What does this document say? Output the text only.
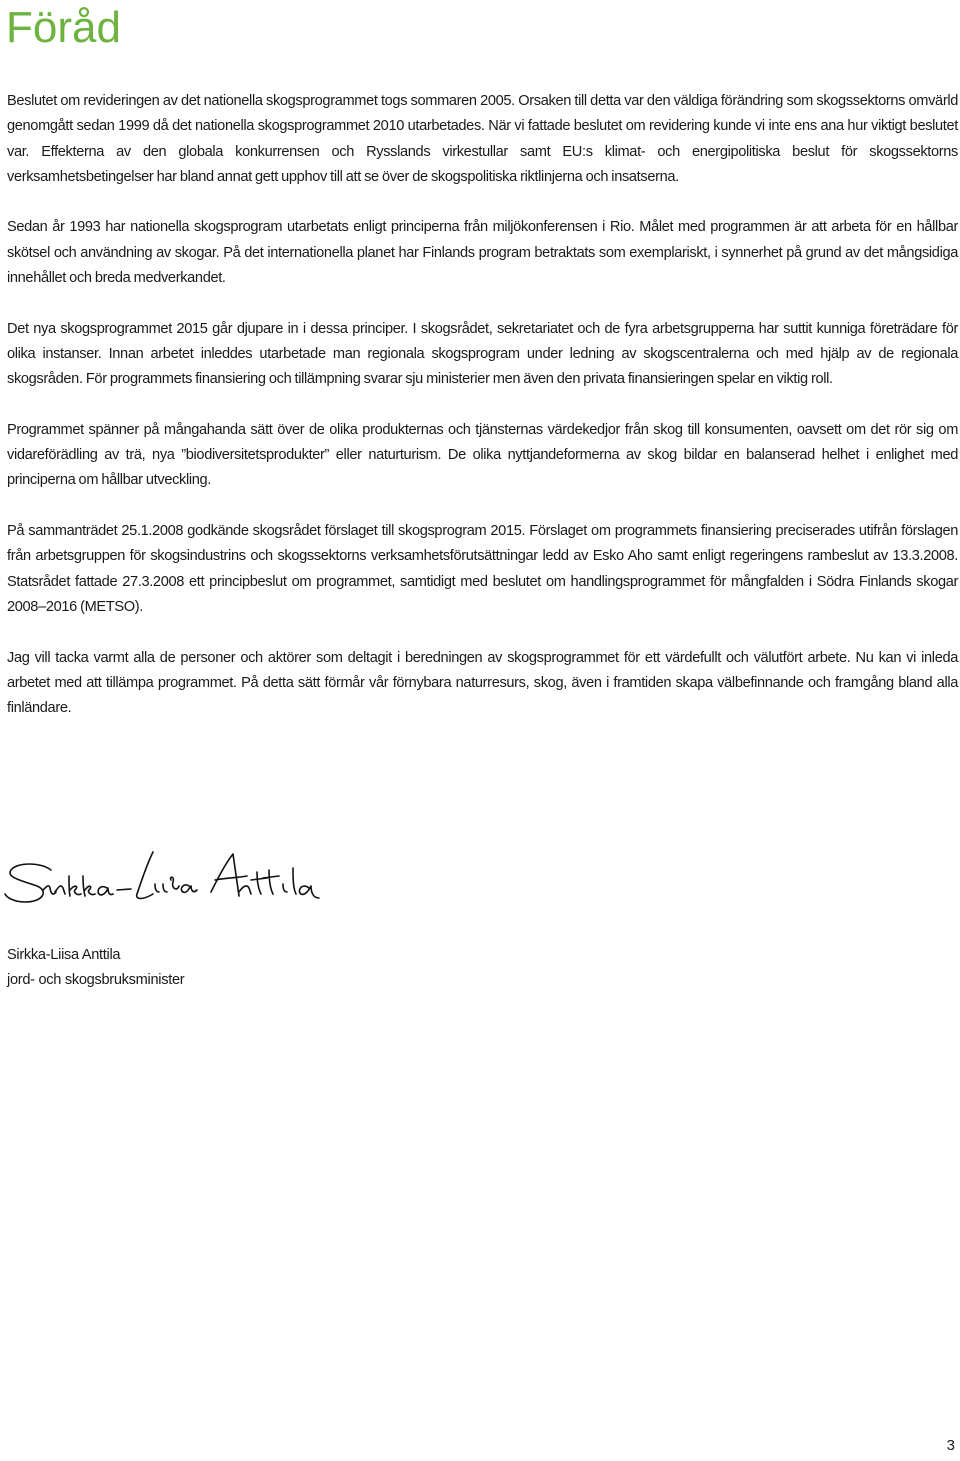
Föråd

Beslutet om revideringen av det nationella skogsprogrammet togs sommaren 2005. Orsaken till detta var den väldiga förändring som skogssektorns omvärld genomgått sedan 1999 då det nationella skogsprogrammet 2010 utarbetades. När vi fattade beslutet om revidering kunde vi inte ens ana hur viktigt beslutet var. Effekterna av den globala konkurrensen och Rysslands virkestullar samt EU:s klimat- och energipolitiska beslut för skogssektorns verksamhetsbetingelser har bland annat gett upphov till att se över de skogspolitiska riktlinjerna och insatserna.

Sedan år 1993 har nationella skogsprogram utarbetats enligt principerna från miljökonferensen i Rio. Målet med programmen är att arbeta för en hållbar skötsel och användning av skogar. På det internationella planet har Finlands program betraktats som exemplariskt, i synnerhet på grund av det mångsidiga innehållet och breda medverkandet.

Det nya skogsprogrammet 2015 går djupare in i dessa principer. I skogsrådet, sekretariatet och de fyra arbetsgrupperna har suttit kunniga företrädare för olika instanser. Innan arbetet inleddes utarbetade man regionala skogsprogram under ledning av skogscentralerna och med hjälp av de regionala skogsråden. För programmets finansiering och tillämpning svarar sju ministerier men även den privata finansieringen spelar en viktig roll.

Programmet spänner på mångahanda sätt över de olika produkternas och tjänsternas värdekedjor från skog till konsumenten, oavsett om det rör sig om vidareförädling av trä, nya ”biodiversitetsprodukter” eller naturturism. De olika nyttjandeformerna av skog bildar en balanserad helhet i enlighet med principerna om hållbar utveckling.

På sammanträdet 25.1.2008 godkände skogsrådet förslaget till skogsprogram 2015. Förslaget om programmets finansiering preciserades utifrån förslagen från arbetsgruppen för skogsindustrins och skogssektorns verksamhetsförutsättningar ledd av Esko Aho samt enligt regeringens rambeslut av 13.3.2008. Statsrådet fattade 27.3.2008 ett principbeslut om programmet, samtidigt med beslutet om handlingsprogrammet för mångfalden i Södra Finlands skogar 2008–2016 (METSO).

Jag vill tacka varmt alla de personer och aktörer som deltagit i beredningen av skogsprogrammet för ett värdefullt och välutfört arbete. Nu kan vi inleda arbetet med att tillämpa programmet. På detta sätt förmår vår förnybara naturresurs, skog, även i framtiden skapa välbefinnande och framgång bland alla finländare.

Sirkka-Liisa Anttila
jord- och skogsbruksminister
3
